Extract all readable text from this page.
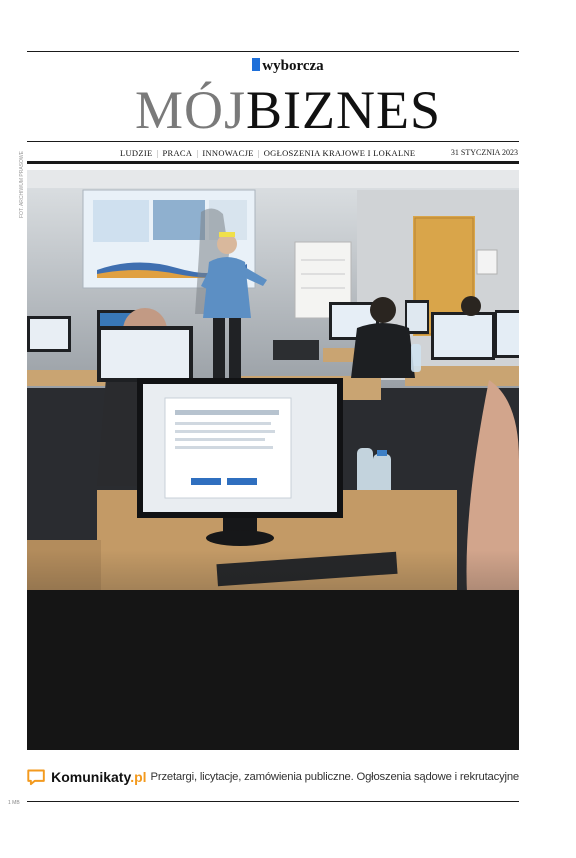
wyborcza
MÓJBIZNES
LUDZIE | PRACA | INNOWACJE | OGŁOSZENIA KRAJOWE I LOKALNE	31 STYCZNIA 2023
FOT. ARCHIWUM PRASOWE
Komunikaty.pl Przetargi, licytacje, zamówienia publiczne. Ogłoszenia sądowe i rekrutacyjne
1 MB
